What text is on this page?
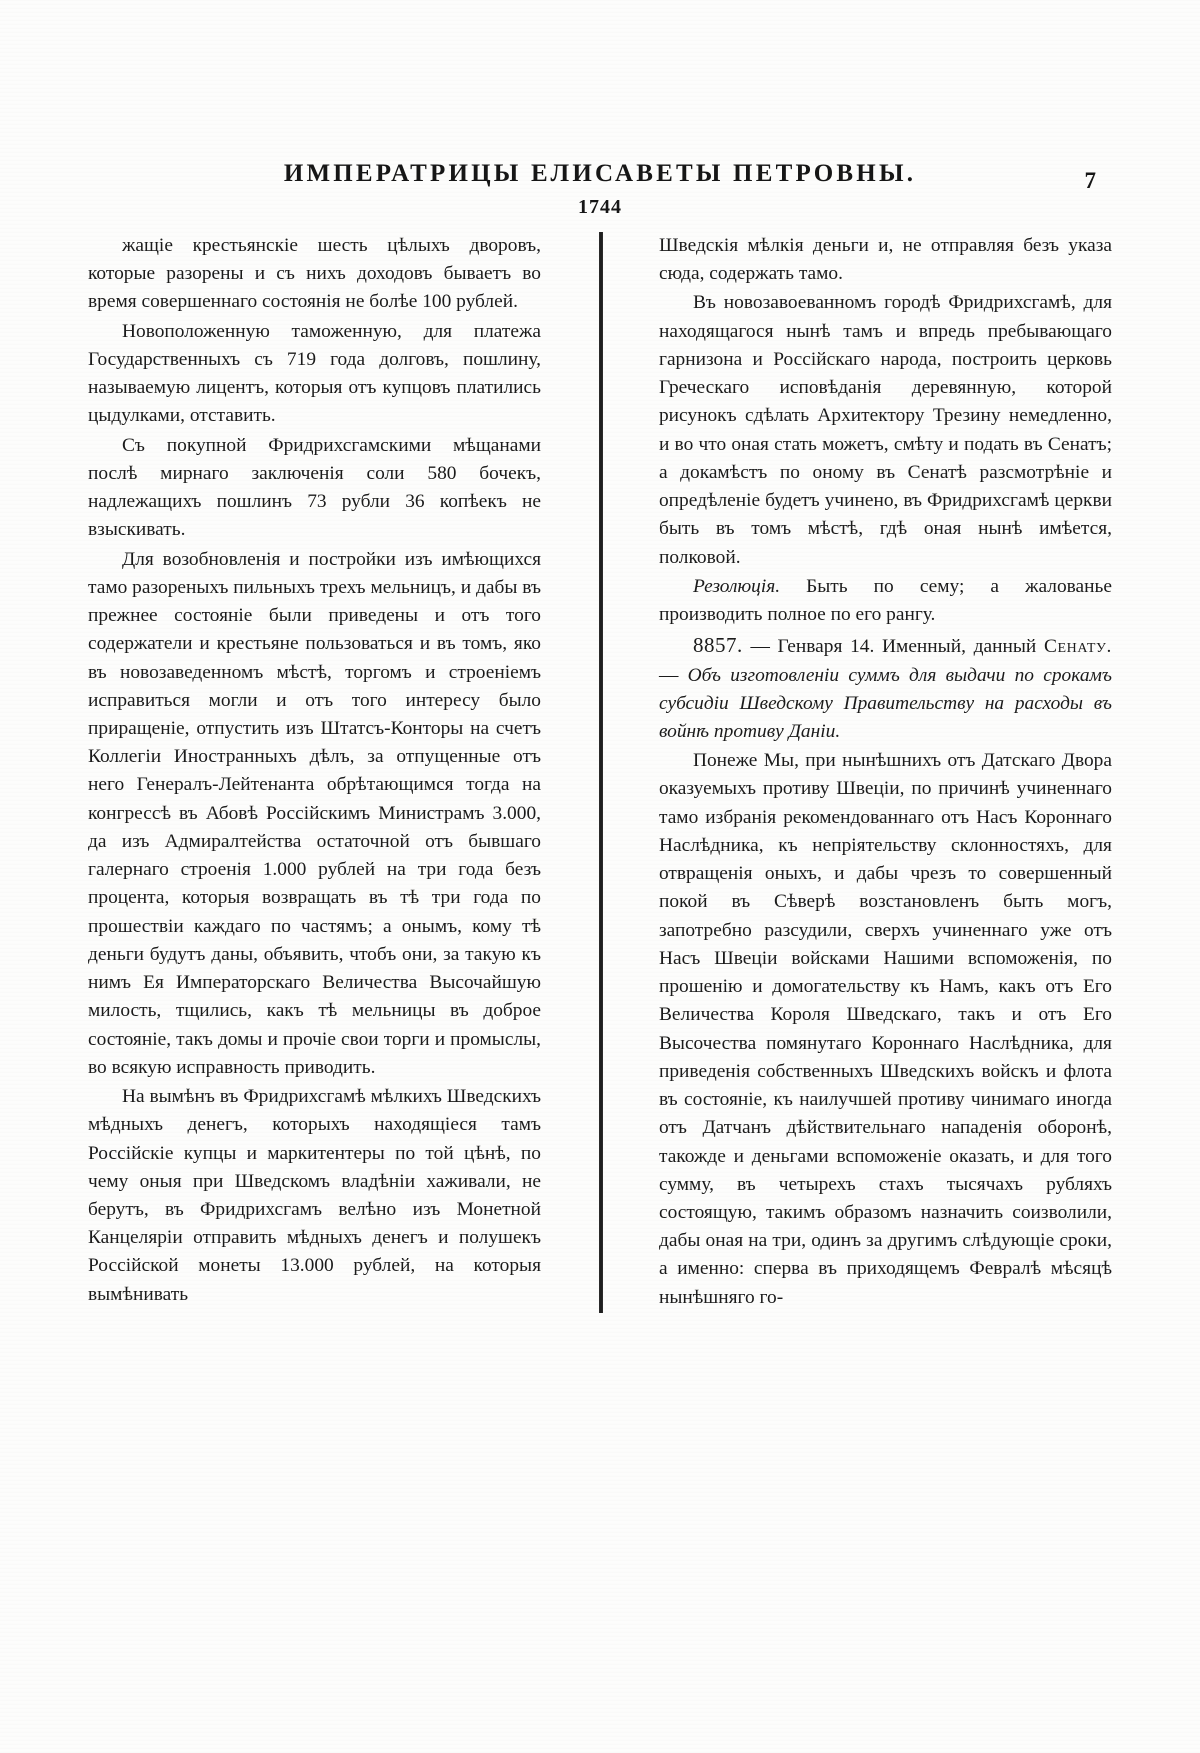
ИМПЕРАТРИЦЫ ЕЛИСАВЕТЫ ПЕТРОВНЫ.	7
1744

жащіе крестьянскіе шесть цѣлыхъ дворовъ, которые разорены и съ нихъ доходовъ бываетъ во время совершеннаго состоянія не болѣе 100 рублей.

Новоположенную таможенную, для платежа Государственныхъ съ 719 года долговъ, пошлину, называемую лицентъ, которыя отъ купцовъ платились цыдулками, отставить.

Съ покупной Фридрихсгамскими мѣщанами послѣ мирнаго заключенія соли 580 бочекъ, надлежащихъ пошлинъ 73 рубли 36 копѣекъ не взыскивать.

Для возобновленія и постройки изъ имѣющихся тамо разореныхъ пильныхъ трехъ мельницъ, и дабы въ прежнее состояніе были приведены и отъ того содержатели и крестьяне пользоваться и въ томъ, яко въ новозаведенномъ мѣстѣ, торгомъ и строеніемъ исправиться могли и отъ того интересу было приращеніе, отпустить изъ Штатсъ-Конторы на счетъ Коллегіи Иностранныхъ дѣлъ, за отпущенные отъ него Генералъ-Лейтенанта обрѣтающимся тогда на конгрессѣ въ Абовѣ Россійскимъ Министрамъ 3.000, да изъ Адмиралтейства остаточной отъ бывшаго галернаго строенія 1.000 рублей на три года безъ процента, которыя возвращать въ тѣ три года по прошествіи каждаго по частямъ; а онымъ, кому тѣ деньги будутъ даны, объявить, чтобъ они, за такую къ нимъ Ея Императорскаго Величества Высочайшую милость, тщились, какъ тѣ мельницы въ доброе состояніе, такъ домы и прочіе свои торги и промыслы, во всякую исправность приводить.

На вымѣнъ въ Фридрихсгамѣ мѣлкихъ Шведскихъ мѣдныхъ денегъ, которыхъ находящіеся тамъ Россійскіе купцы и маркитентеры по той цѣнѣ, по чему оныя при Шведскомъ владѣніи хаживали, не берутъ, въ Фридрихсгамъ велѣно изъ Монетной Канцеляріи отправить мѣдныхъ денегъ и полушекъ Россійской монеты 13.000 рублей, на которыя вымѣнивать

Шведскія мѣлкія деньги и, не отправляя безъ указа сюда, содержать тамо.

Въ новозавоеванномъ городѣ Фридрихсгамѣ, для находящагося нынѣ тамъ и впредь пребывающаго гарнизона и Россійскаго народа, построить церковь Греческаго исповѣданія деревянную, которой рисунокъ сдѣлать Архитектору Трезину немедленно, и во что оная стать можетъ, смѣту и подать въ Сенатъ; а докамѣстъ по оному въ Сенатѣ разсмотрѣніе и опредѣленіе будетъ учинено, въ Фридрихсгамѣ церкви быть въ томъ мѣстѣ, гдѣ оная нынѣ имѣется, полковой.

Резолюція. Быть по сему; а жалованье производить полное по его рангу.

8857. — Генваря 14. Именный, данный Сенату. — Объ изготовленіи суммъ для выдачи по срокамъ субсидіи Шведскому Правительству на расходы въ войнѣ противу Даніи.

Понеже Мы, при нынѣшнихъ отъ Датскаго Двора оказуемыхъ противу Швеціи, по причинѣ учиненнаго тамо избранія рекомендованнаго отъ Насъ Короннаго Наслѣдника, къ непріятельству склонностяхъ, для отвращенія оныхъ, и дабы чрезъ то совершенный покой въ Сѣверѣ возстановленъ быть могъ, запотребно разсудили, сверхъ учиненнаго уже отъ Насъ Швеціи войсками Нашими вспоможенія, по прошенію и домогательству къ Намъ, какъ отъ Его Величества Короля Шведскаго, такъ и отъ Его Высочества помянутаго Короннаго Наслѣдника, для приведенія собственныхъ Шведскихъ войскъ и флота въ состояніе, къ наилучшей противу чинимаго иногда отъ Датчанъ дѣйствительнаго нападенія оборонѣ, такожде и деньгами вспоможеніе оказать, и для того сумму, въ четырехъ стахъ тысячахъ рубляхъ состоящую, такимъ образомъ назначить соизволили, дабы оная на три, одинъ за другимъ слѣдующіе сроки, а именно: сперва въ приходящемъ Февралѣ мѣсяцѣ нынѣшняго го-
